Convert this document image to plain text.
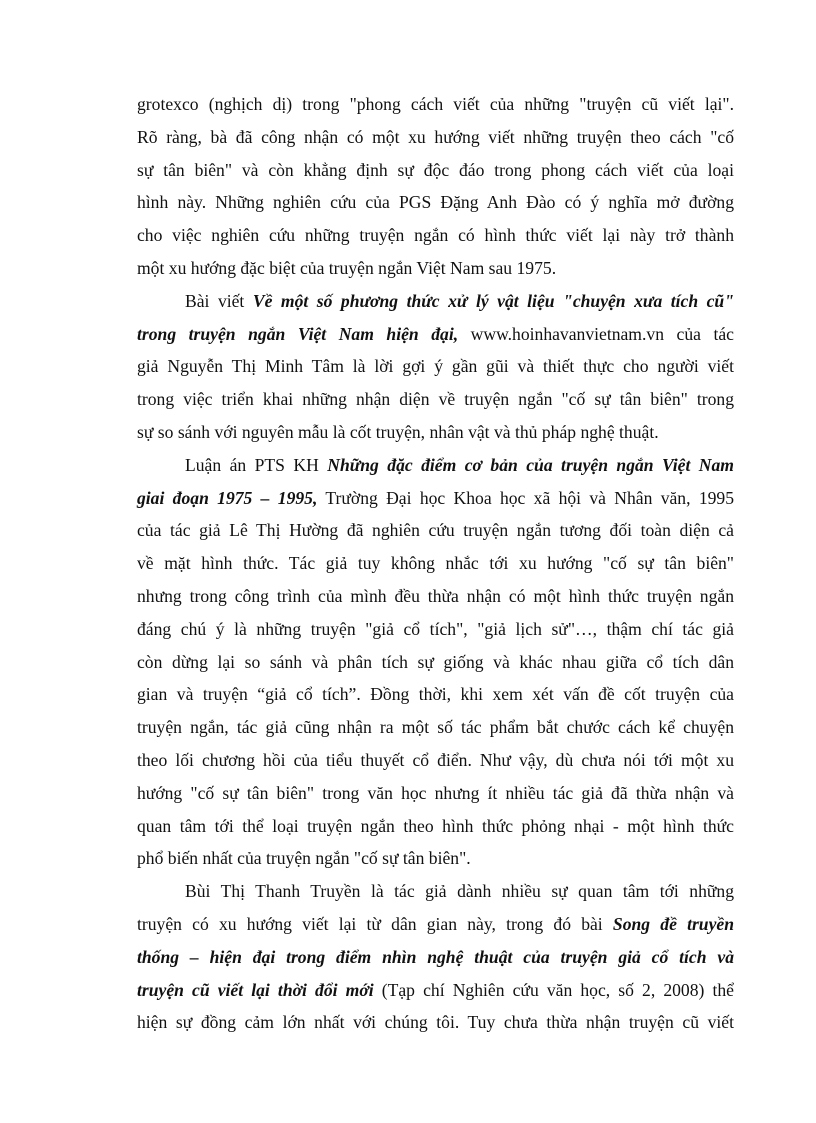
grotexco (nghịch dị) trong "phong cách viết của những "truyện cũ viết lại".
Rõ ràng, bà đã công nhận có một xu hướng viết những truyện theo cách "cố
sự tân biên" và còn khẳng định sự độc đáo trong phong cách viết của loại
hình này. Những nghiên cứu của PGS Đặng Anh Đào có ý nghĩa mở đường
cho việc nghiên cứu những truyện ngắn có hình thức viết lại này trở thành
một xu hướng đặc biệt của truyện ngắn Việt Nam sau 1975.
Bài viết Về một số phương thức xử lý vật liệu "chuyện xưa tích cũ"
trong truyện ngắn Việt Nam hiện đại, www.hoinhavanvietnam.vn của tác
giả Nguyễn Thị Minh Tâm là lời gợi ý gần gũi và thiết thực cho người viết
trong việc triển khai những nhận diện về truyện ngắn "cố sự tân biên" trong
sự so sánh với nguyên mẫu là cốt truyện, nhân vật và thủ pháp nghệ thuật.
Luận án PTS KH Những đặc điểm cơ bản của truyện ngắn Việt Nam
giai đoạn 1975 – 1995, Trường Đại học Khoa học xã hội và Nhân văn, 1995
của tác giả Lê Thị Hường đã nghiên cứu truyện ngắn tương đối toàn diện cả
về mặt hình thức. Tác giả tuy không nhắc tới xu hướng "cố sự tân biên"
nhưng trong công trình của mình đều thừa nhận có một hình thức truyện ngắn
đáng chú ý là những truyện "giả cổ tích", "giả lịch sử"…, thậm chí tác giả
còn dừng lại so sánh và phân tích sự giống và khác nhau giữa cổ tích dân
gian và truyện “giả cổ tích”. Đồng thời, khi xem xét vấn đề cốt truyện của
truyện ngắn, tác giả cũng nhận ra một số tác phẩm bắt chước cách kể chuyện
theo lối chương hồi của tiểu thuyết cổ điển. Như vậy, dù chưa nói tới một xu
hướng "cố sự tân biên" trong văn học nhưng ít nhiều tác giả đã thừa nhận và
quan tâm tới thể loại truyện ngắn theo hình thức phỏng nhại - một hình thức
phổ biến nhất của truyện ngắn "cố sự tân biên".
Bùi Thị Thanh Truyền là tác giả dành nhiều sự quan tâm tới những
truyện có xu hướng viết lại từ dân gian này, trong đó bài Song đề truyền
thống – hiện đại trong điểm nhìn nghệ thuật của truyện giả cổ tích và
truyện cũ viết lại thời đổi mới (Tạp chí Nghiên cứu văn học, số 2, 2008) thể
hiện sự đồng cảm lớn nhất với chúng tôi. Tuy chưa thừa nhận truyện cũ viết
